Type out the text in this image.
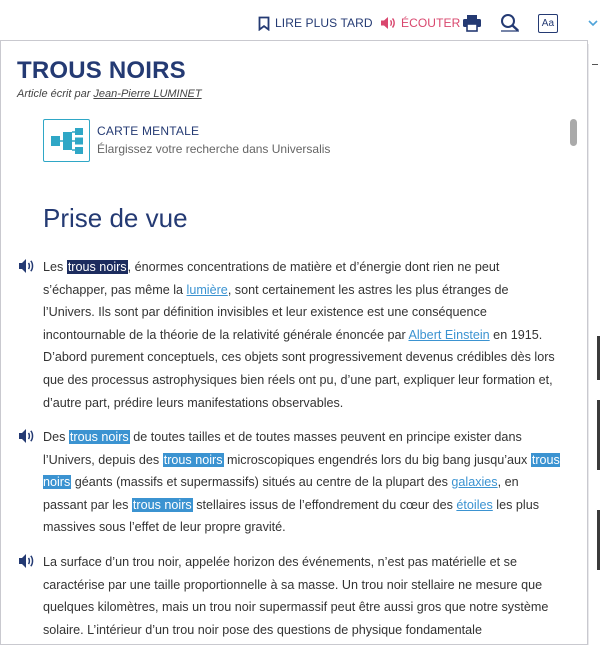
LIRE PLUS TARD ÉCOUTER	Aa
TROUS NOIRS
Article écrit par Jean-Pierre LUMINET
CARTE MENTALE
Élargissez votre recherche dans Universalis
Prise de vue
Les trous noirs, énormes concentrations de matière et d’énergie dont rien ne peut s’échapper, pas même la lumière, sont certainement les astres les plus étranges de l’Univers. Ils sont par définition invisibles et leur existence est une conséquence incontournable de la théorie de la relativité générale énoncée par Albert Einstein en 1915. D’abord purement conceptuels, ces objets sont progressivement devenus crédibles dès lors que des processus astrophysiques bien réels ont pu, d’une part, expliquer leur formation et, d’autre part, prédire leurs manifestations observables.
Des trous noirs de toutes tailles et de toutes masses peuvent en principe exister dans l’Univers, depuis des trous noirs microscopiques engendrés lors du big bang jusqu’aux trous noirs géants (massifs et supermassifs) situés au centre de la plupart des galaxies, en passant par les trous noirs stellaires issus de l’effondrement du cœur des étoiles les plus massives sous l’effet de leur propre gravité.
La surface d’un trou noir, appelée horizon des événements, n’est pas matérielle et se caractérise par une taille proportionnelle à sa masse. Un trou noir stellaire ne mesure que quelques kilomètres, mais un trou noir supermassif peut être aussi gros que notre système solaire. L’intérieur d’un trou noir pose des questions de physique fondamentale
